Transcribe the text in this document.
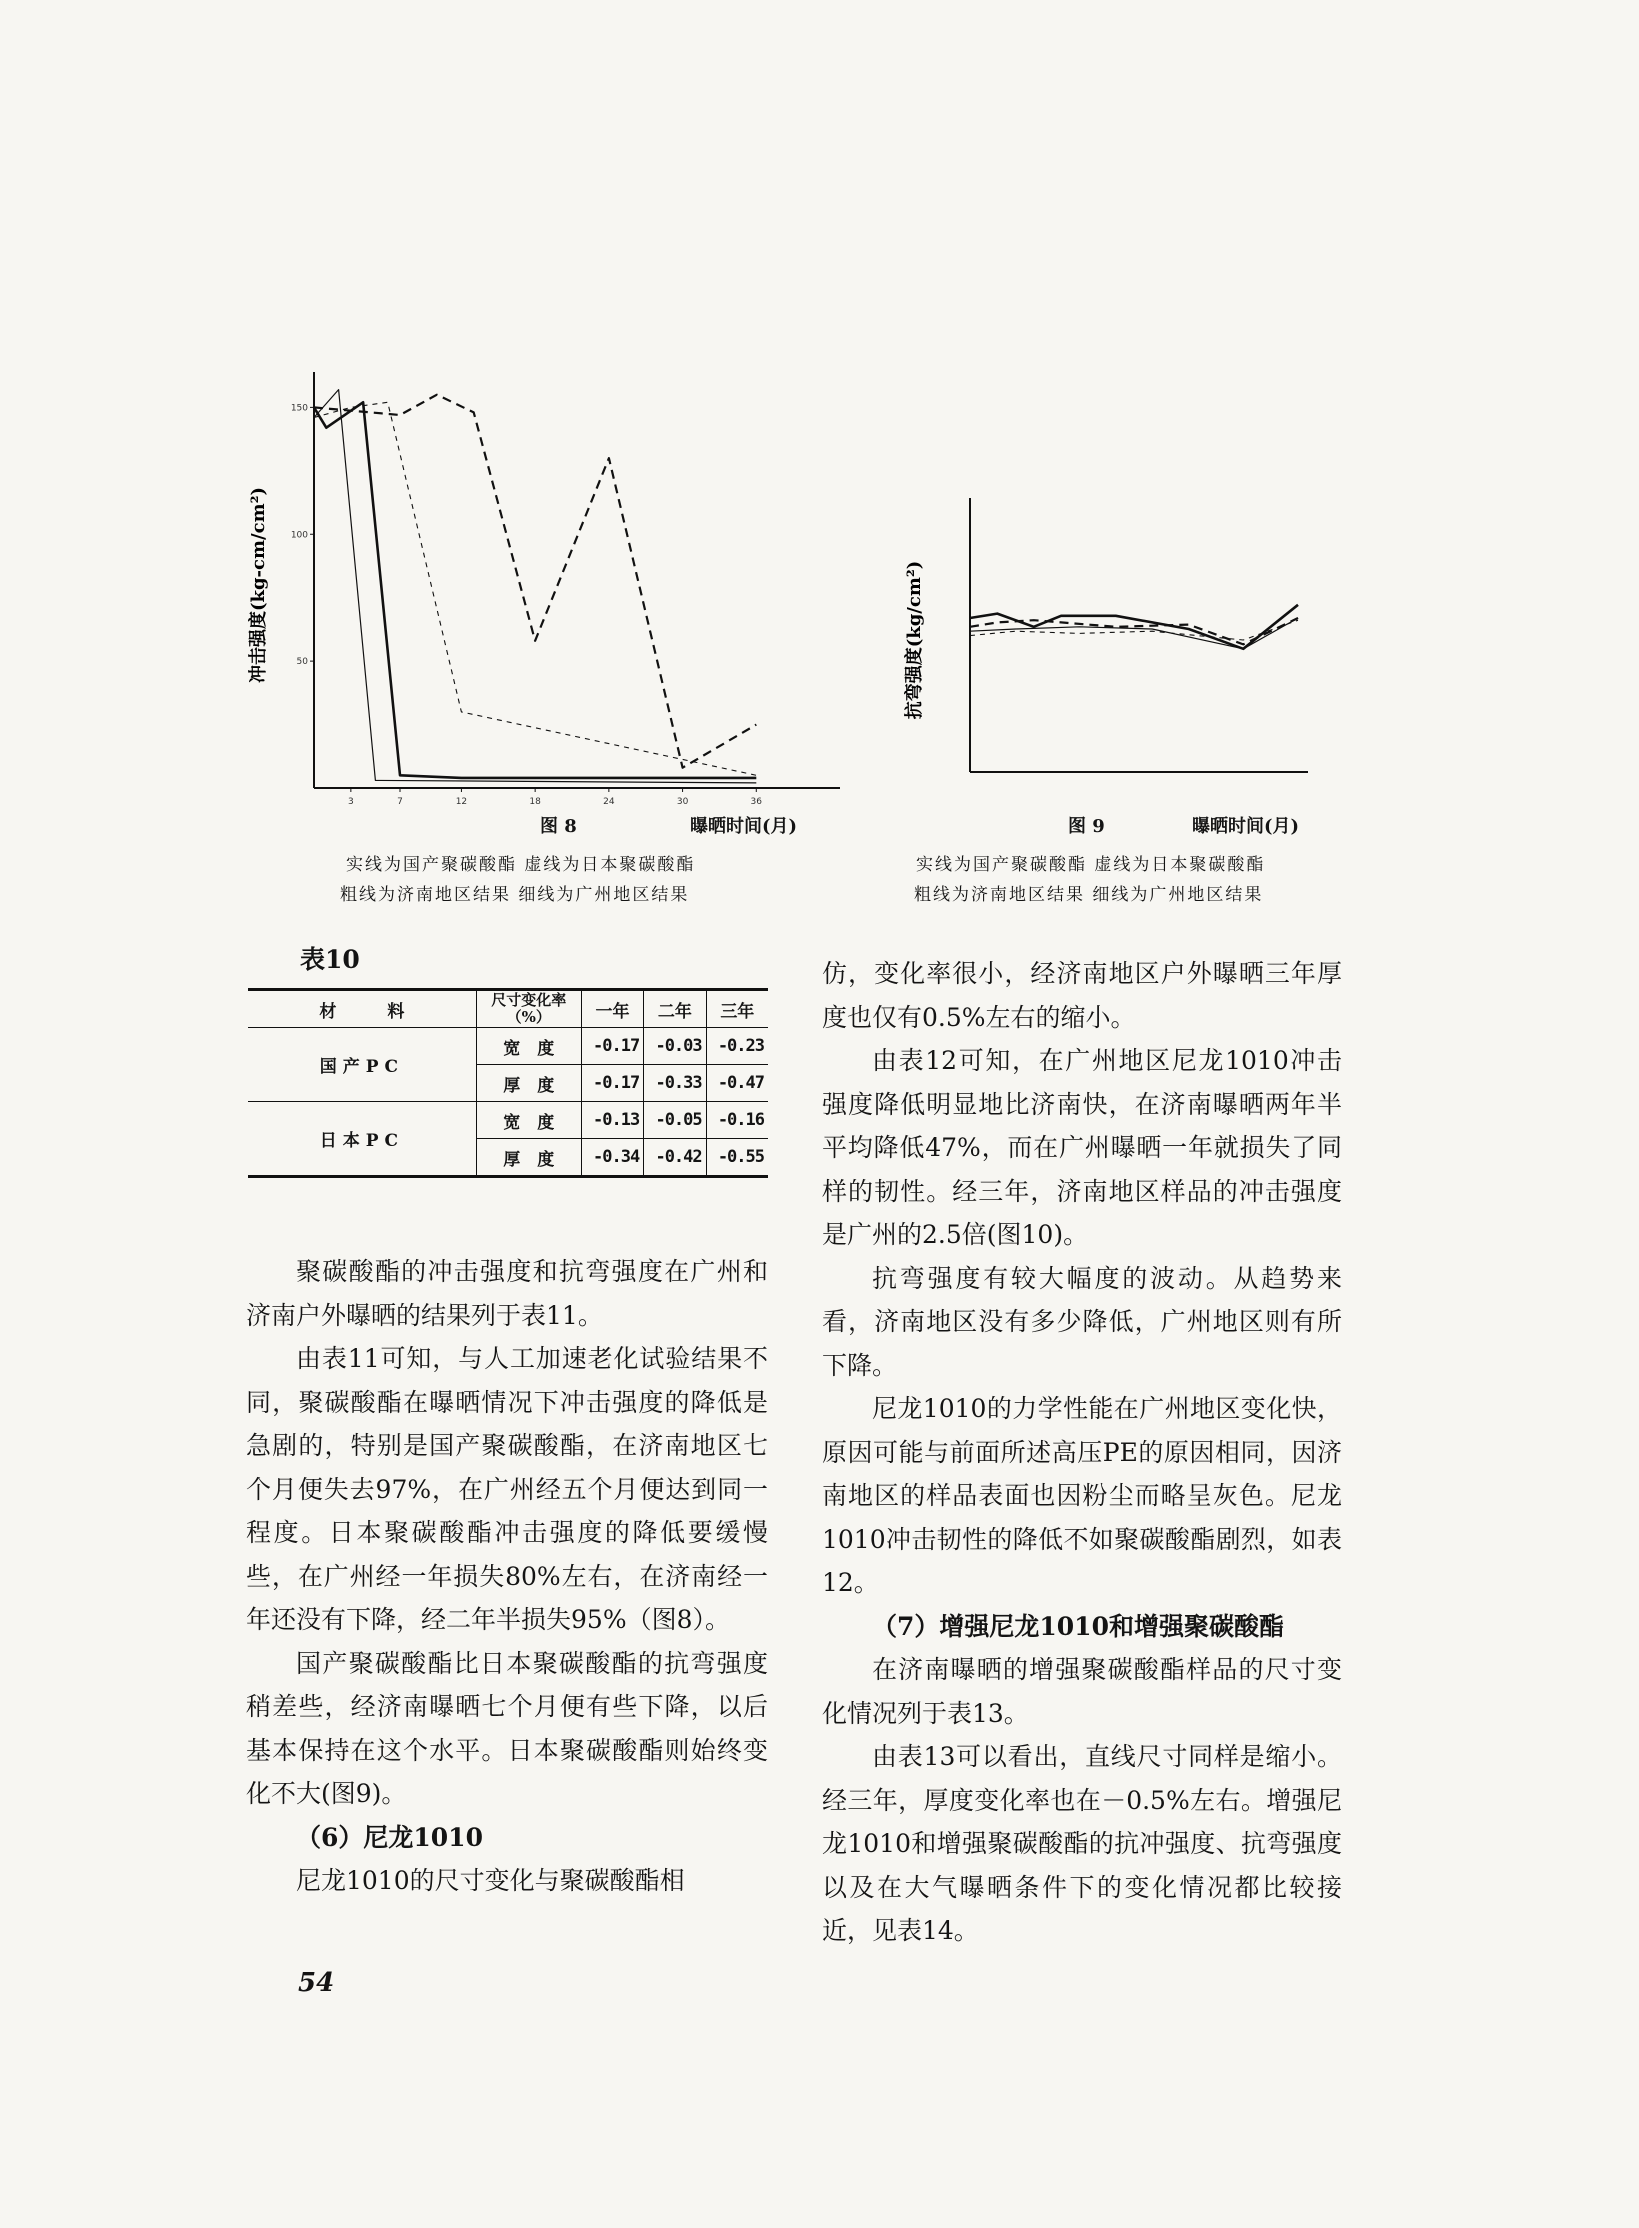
50
100
150
3	7	12	18	24	30	36
冲击强度(kg-cm/cm²)
图 8	曝晒时间(月)
实线为国产聚碳酸酯 虚线为日本聚碳酸酯
粗线为济南地区结果 细线为广州地区结果
抗弯强度(kg/cm²)
图 9	曝晒时间(月)
实线为国产聚碳酸酯 虚线为日本聚碳酸酯
粗线为济南地区结果 细线为广州地区结果
表10
材　　　料	尺寸变化率（%）	一年	二年	三年
国产PC	宽　度	-0.17	-0.03	-0.23
	厚　度	-0.17	-0.33	-0.47
日本PC	宽　度	-0.13	-0.05	-0.16
	厚　度	-0.34	-0.42	-0.55

聚碳酸酯的冲击强度和抗弯强度在广州和济南户外曝晒的结果列于表11。

由表11可知，与人工加速老化试验结果不同，聚碳酸酯在曝晒情况下冲击强度的降低是急剧的，特别是国产聚碳酸酯，在济南地区七个月便失去97%，在广州经五个月便达到同一程度。日本聚碳酸酯冲击强度的降低要缓慢些，在广州经一年损失80%左右，在济南经一年还没有下降，经二年半损失95%（图8）。

国产聚碳酸酯比日本聚碳酸酯的抗弯强度稍差些，经济南曝晒七个月便有些下降，以后基本保持在这个水平。日本聚碳酸酯则始终变化不大(图9)。

（6）尼龙1010

尼龙1010的尺寸变化与聚碳酸酯相

仿，变化率很小，经济南地区户外曝晒三年厚度也仅有0.5%左右的缩小。

由表12可知，在广州地区尼龙1010冲击强度降低明显地比济南快，在济南曝晒两年半平均降低47%，而在广州曝晒一年就损失了同样的韧性。经三年，济南地区样品的冲击强度是广州的2.5倍(图10)。

抗弯强度有较大幅度的波动。从趋势来看，济南地区没有多少降低，广州地区则有所下降。

尼龙1010的力学性能在广州地区变化快，原因可能与前面所述高压PE的原因相同，因济南地区的样品表面也因粉尘而略呈灰色。尼龙1010冲击韧性的降低不如聚碳酸酯剧烈，如表12。

（7）增强尼龙1010和增强聚碳酸酯

在济南曝晒的增强聚碳酸酯样品的尺寸变化情况列于表13。

由表13可以看出，直线尺寸同样是缩小。经三年，厚度变化率也在－0.5%左右。增强尼龙1010和增强聚碳酸酯的抗冲强度、抗弯强度以及在大气曝晒条件下的变化情况都比较接近，见表14。

54
